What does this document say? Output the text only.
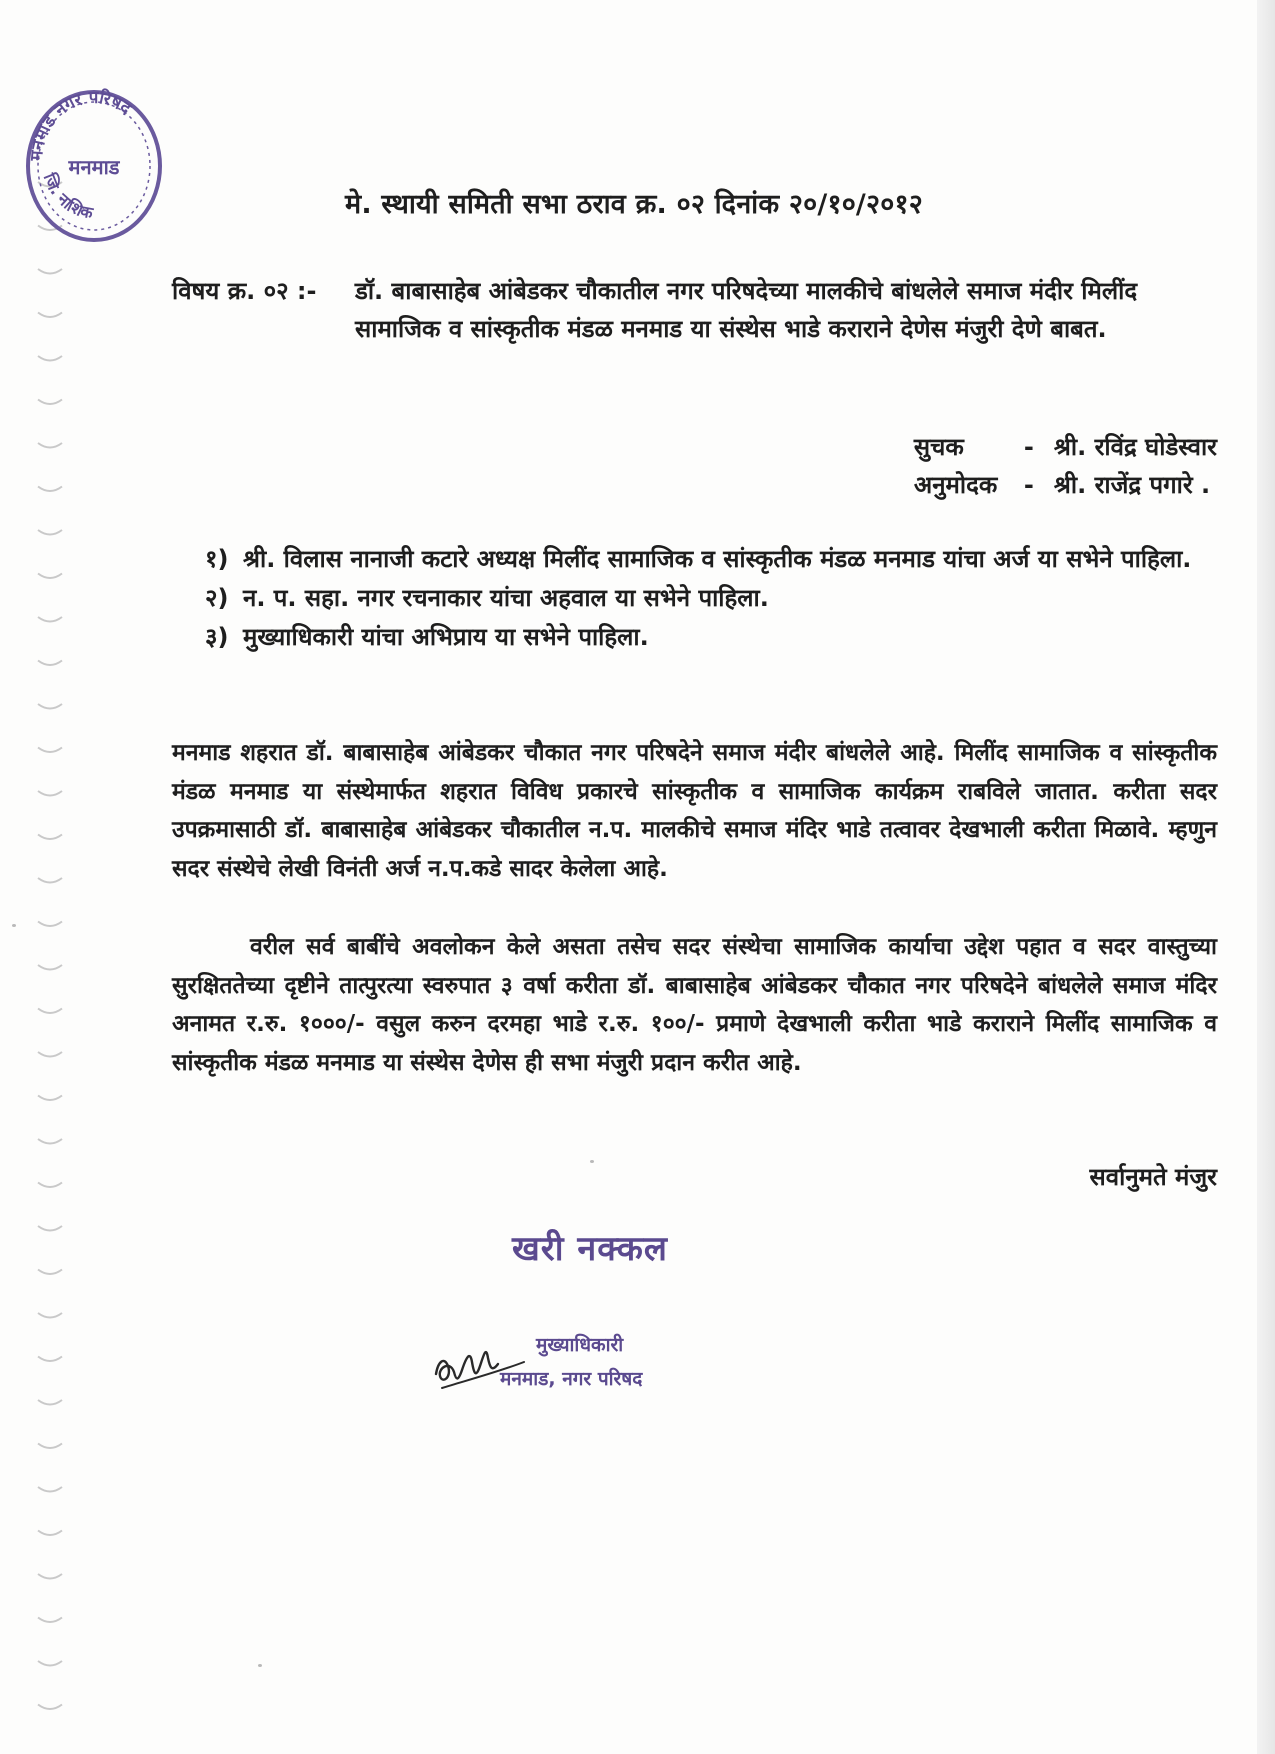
मनमाड नगर परिषद
जि. नाशिक
मनमाड
मे. स्थायी समिती सभा ठराव क्र. ०२ दिनांक २०/१०/२०१२
विषय क्र. ०२ :- डॉ. बाबासाहेब आंबेडकर चौकातील नगर परिषदेच्या मालकीचे बांधलेले समाज मंदीर मिलींद सामाजिक व सांस्कृतीक मंडळ मनमाड या संस्थेस भाडे कराराने देणेस मंजुरी देणे बाबत.
सुचक	- श्री. रविंद्र घोडेस्वार
अनुमोदक	- श्री. राजेंद्र पगारे .
१) श्री. विलास नानाजी कटारे अध्यक्ष मिलींद सामाजिक व सांस्कृतीक मंडळ मनमाड यांचा अर्ज या सभेने पाहिला.
२) न. प. सहा. नगर रचनाकार यांचा अहवाल या सभेने पाहिला.
३) मुख्याधिकारी यांचा अभिप्राय या सभेने पाहिला.

मनमाड शहरात डॉ. बाबासाहेब आंबेडकर चौकात नगर परिषदेने समाज मंदीर बांधलेले आहे. मिलींद सामाजिक व सांस्कृतीक मंडळ मनमाड या संस्थेमार्फत शहरात विविध प्रकारचे सांस्कृतीक व सामाजिक कार्यक्रम राबविले जातात. करीता सदर उपक्रमासाठी डॉ. बाबासाहेब आंबेडकर चौकातील न.प. मालकीचे समाज मंदिर भाडे तत्वावर देखभाली करीता मिळावे. म्हणुन सदर संस्थेचे लेखी विनंती अर्ज न.प.कडे सादर केलेला आहे.

वरील सर्व बाबींचे अवलोकन केले असता तसेच सदर संस्थेचा सामाजिक कार्याचा उद्देश पहात व सदर वास्तुच्या सुरक्षिततेच्या दृष्टीने तात्पुरत्या स्वरुपात ३ वर्षा करीता डॉ. बाबासाहेब आंबेडकर चौकात नगर परिषदेने बांधलेले समाज मंदिर अनामत र.रु. १०००/- वसुल करुन दरमहा भाडे र.रु. १००/- प्रमाणे देखभाली करीता भाडे कराराने मिलींद सामाजिक व सांस्कृतीक मंडळ मनमाड या संस्थेस देणेस ही सभा मंजुरी प्रदान करीत आहे.

सर्वानुमते मंजुर
खरी नक्कल
मुख्याधिकारी
मनमाड, नगर परिषद
